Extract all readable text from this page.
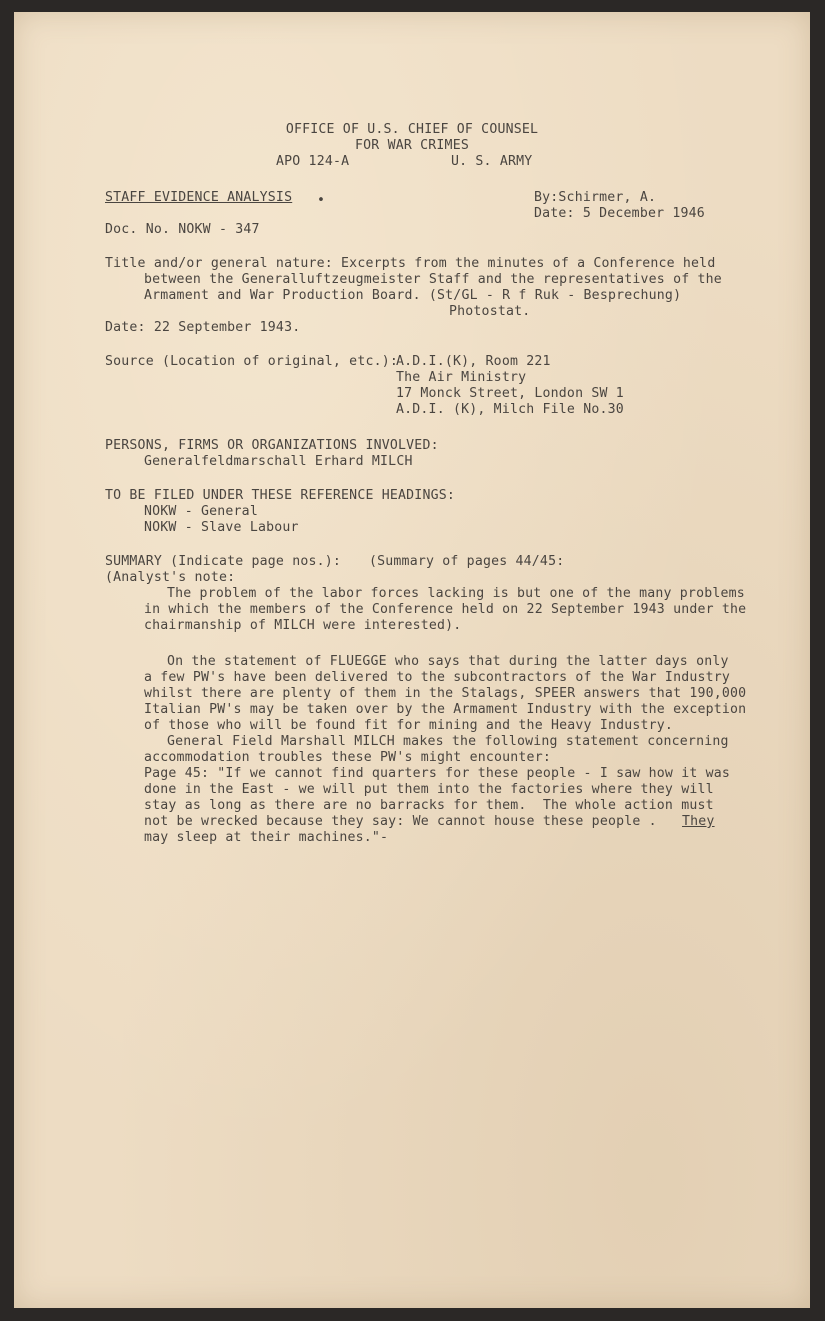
OFFICE OF U.S. CHIEF OF COUNSEL
FOR WAR CRIMES
APO 124-A	U. S. ARMY
STAFF EVIDENCE ANALYSIS •	By:Schirmer, A.
Date: 5 December 1946
Doc. No. NOKW - 347
Title and/or general nature: Excerpts from the minutes of a Conference held
between the Generalluftzeugmeister Staff and the representatives of the
Armament and War Production Board. (St/GL - R f Ruk - Besprechung)
Photostat.
Date: 22 September 1943.
Source (Location of original, etc.):
A.D.I.(K), Room 221
The Air Ministry
17 Monck Street, London SW 1
A.D.I. (K), Milch File No.30
PERSONS, FIRMS OR ORGANIZATIONS INVOLVED:
Generalfeldmarschall Erhard MILCH
TO BE FILED UNDER THESE REFERENCE HEADINGS:
NOKW - General
NOKW - Slave Labour
SUMMARY (Indicate page nos.): (Summary of pages 44/45:
(Analyst's note:
The problem of the labor forces lacking is but one of the many problems
in which the members of the Conference held on 22 September 1943 under the
chairmanship of MILCH were interested).
On the statement of FLUEGGE who says that during the latter days only
a few PW's have been delivered to the subcontractors of the War Industry
whilst there are plenty of them in the Stalags, SPEER answers that 190,000
Italian PW's may be taken over by the Armament Industry with the exception
of those who will be found fit for mining and the Heavy Industry.
General Field Marshall MILCH makes the following statement concerning
accommodation troubles these PW's might encounter:
Page 45: "If we cannot find quarters for these people - I saw how it was
done in the East - we will put them into the factories where they will
stay as long as there are no barracks for them.  The whole action must
not be wrecked because they say: We cannot house these people . They
may sleep at their machines."-
